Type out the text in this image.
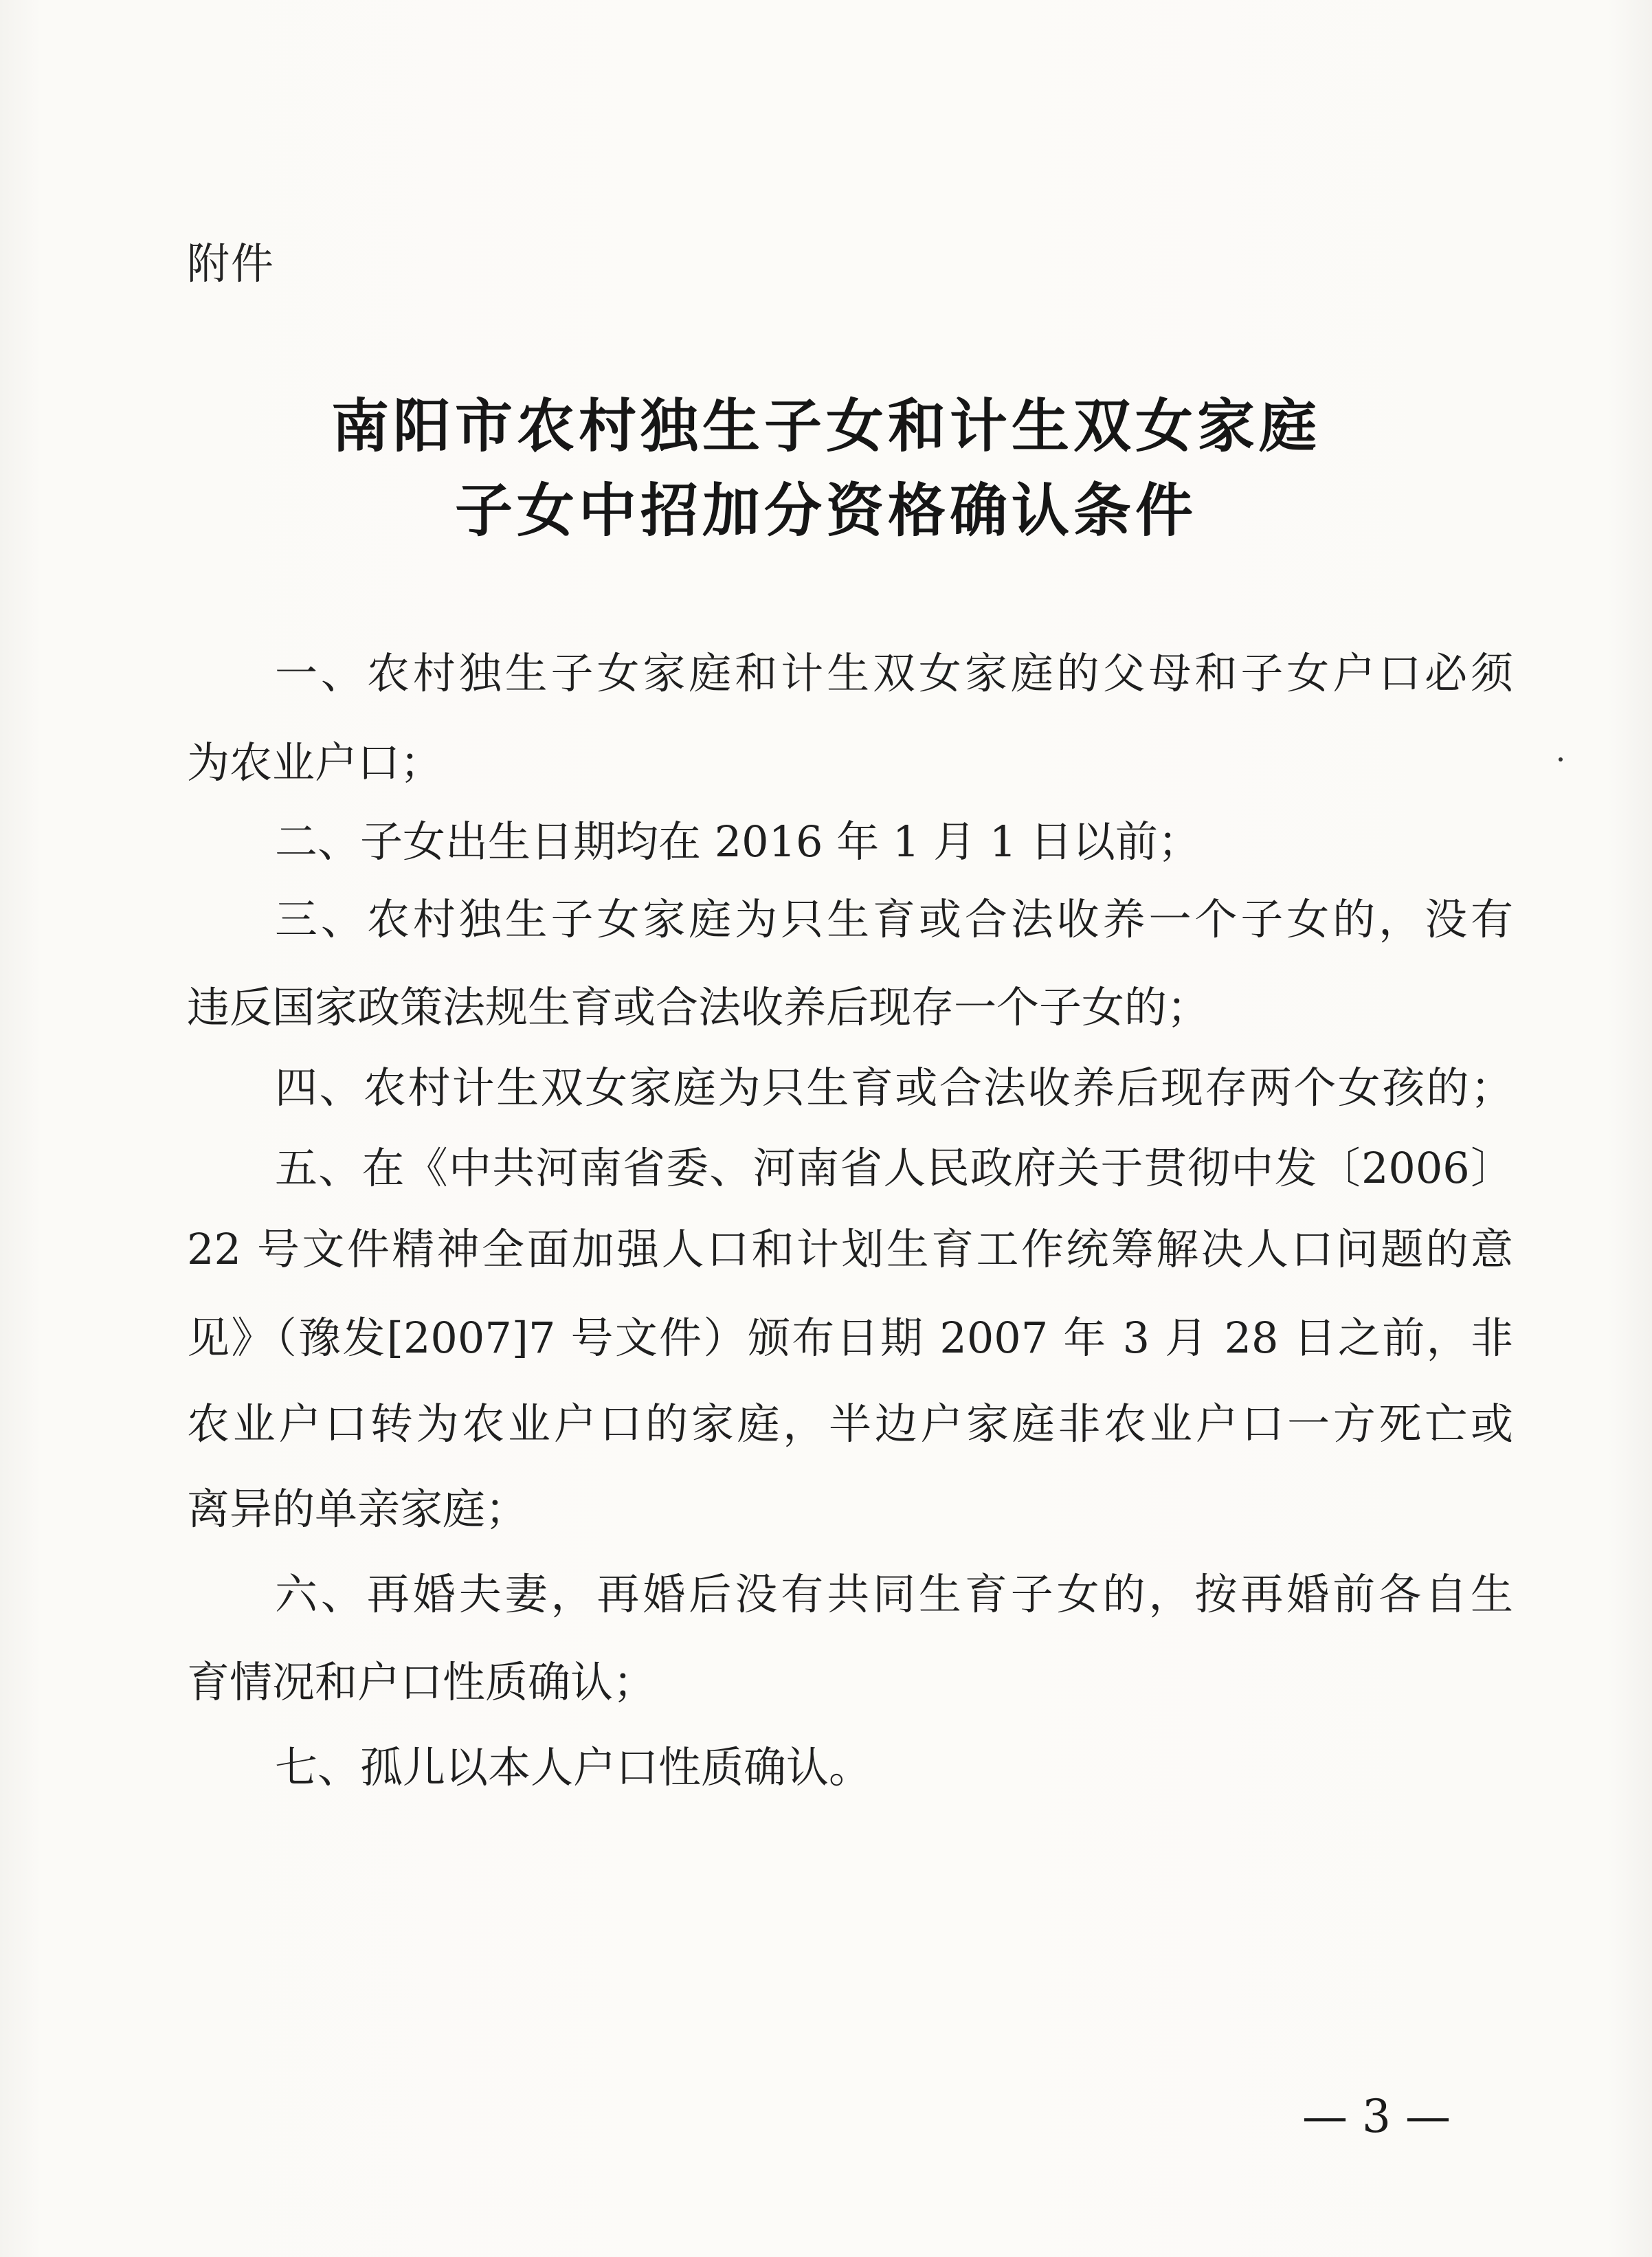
附件
南阳市农村独生子女和计生双女家庭
子女中招加分资格确认条件
一、农村独生子女家庭和计生双女家庭的父母和子女户口必须
为农业户口；
二、子女出生日期均在 2016 年 1 月 1 日以前；
三、农村独生子女家庭为只生育或合法收养一个子女的，没有
违反国家政策法规生育或合法收养后现存一个子女的；
四、农村计生双女家庭为只生育或合法收养后现存两个女孩的；
五、在《中共河南省委、河南省人民政府关于贯彻中发〔2006〕
22 号文件精神全面加强人口和计划生育工作统筹解决人口问题的意
见》（豫发[2007]7 号文件）颁布日期 2007 年 3 月 28 日之前，非
农业户口转为农业户口的家庭，半边户家庭非农业户口一方死亡或
离异的单亲家庭；
六、再婚夫妻，再婚后没有共同生育子女的，按再婚前各自生
育情况和户口性质确认；
七、孤儿以本人户口性质确认。
— 3 —
